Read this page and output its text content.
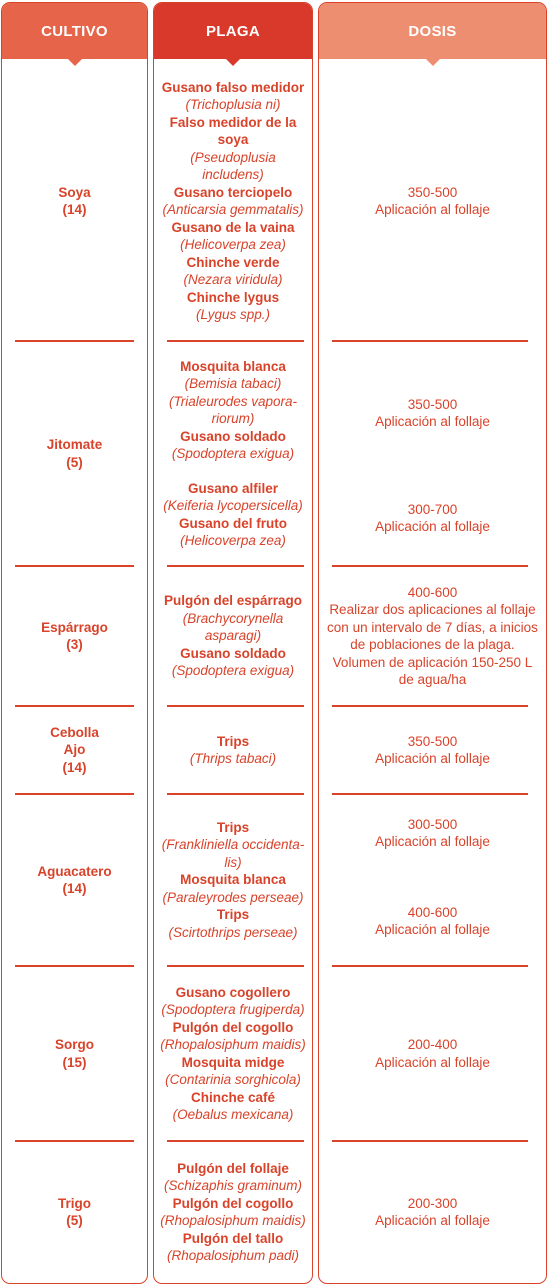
CULTIVO
Soya
(14)
Jitomate
(5)
Espárrago
(3)
Cebolla
Ajo
(14)
Aguacatero
(14)
Sorgo
(15)
Trigo
(5)
PLAGA
Gusano falso medidor
(Trichoplusia ni)
Falso medidor de la soya
(Pseudoplusia includens)
Gusano terciopelo
(Anticarsia gemmatalis)
Gusano de la vaina
(Helicoverpa zea)
Chinche verde
(Nezara viridula)
Chinche lygus
(Lygus spp.)
Mosquita blanca
(Bemisia tabaci)
(Trialeurodes vapora-riorum)
Gusano soldado
(Spodoptera exigua)
Gusano alfiler
(Keiferia lycopersicella)
Gusano del fruto
(Helicoverpa zea)
Pulgón del espárrago
(Brachycorynella asparagi)
Gusano soldado
(Spodoptera exigua)
Trips
(Thrips tabaci)
Trips
(Frankliniella occidenta-lis)
Mosquita blanca
(Paraleyrodes perseae)
Trips
(Scirtothrips perseae)
Gusano cogollero
(Spodoptera frugiperda)
Pulgón del cogollo
(Rhopalosiphum maidis)
Mosquita midge
(Contarinia sorghicola)
Chinche café
(Oebalus mexicana)
Pulgón del follaje
(Schizaphis graminum)
Pulgón del cogollo
(Rhopalosiphum maidis)
Pulgón del tallo
(Rhopalosiphum padi)
DOSIS
350-500
Aplicación al follaje
350-500
Aplicación al follaje
300-700
Aplicación al follaje
400-600
Realizar dos aplicaciones al follaje con un intervalo de 7 días, a inicios de poblaciones de la plaga. Volumen de aplicación 150-250 L de agua/ha
350-500
Aplicación al follaje
300-500
Aplicación al follaje
400-600
Aplicación al follaje
200-400
Aplicación al follaje
200-300
Aplicación al follaje
